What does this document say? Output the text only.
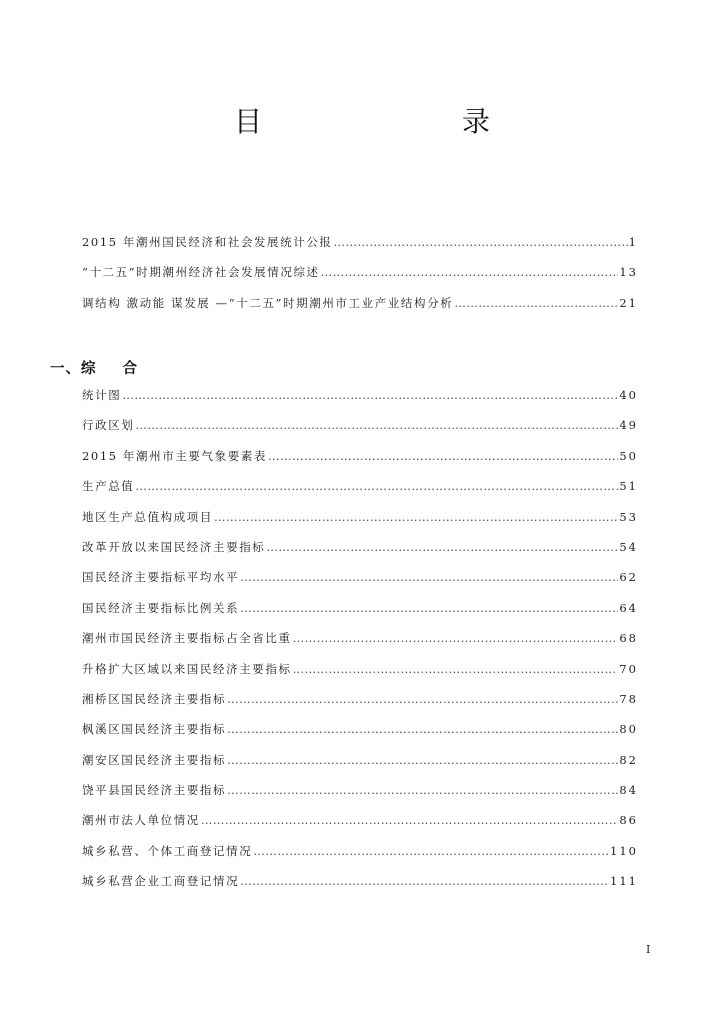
目　　录
2015 年潮州国民经济和社会发展统计公报 …………………………………………………………………………………………………………………………………………………………………………………………………………………………	1
“十二五”时期潮州经济社会发展情况综述 …………………………………………………………………………………………………………………………………………………………………………………………………………………………	13
调结构 激动能 谋发展 —“十二五”时期潮州市工业产业结构分析 …………………………………………………………………………………………………………………………………………………………………………………………………………………………	21
一、综 合
统计图 …………………………………………………………………………………………………………………………………………………………………………………………………………………………	40
行政区划 …………………………………………………………………………………………………………………………………………………………………………………………………………………………	49
2015 年潮州市主要气象要素表 …………………………………………………………………………………………………………………………………………………………………………………………………………………………	50
生产总值 …………………………………………………………………………………………………………………………………………………………………………………………………………………………	51
地区生产总值构成项目 …………………………………………………………………………………………………………………………………………………………………………………………………………………………	53
改革开放以来国民经济主要指标 …………………………………………………………………………………………………………………………………………………………………………………………………………………………	54
国民经济主要指标平均水平 …………………………………………………………………………………………………………………………………………………………………………………………………………………………	62
国民经济主要指标比例关系 …………………………………………………………………………………………………………………………………………………………………………………………………………………………	64
潮州市国民经济主要指标占全省比重 …………………………………………………………………………………………………………………………………………………………………………………………………………………………	68
升格扩大区域以来国民经济主要指标 …………………………………………………………………………………………………………………………………………………………………………………………………………………………	70
湘桥区国民经济主要指标 …………………………………………………………………………………………………………………………………………………………………………………………………………………………	78
枫溪区国民经济主要指标 …………………………………………………………………………………………………………………………………………………………………………………………………………………………	80
潮安区国民经济主要指标 …………………………………………………………………………………………………………………………………………………………………………………………………………………………	82
饶平县国民经济主要指标 …………………………………………………………………………………………………………………………………………………………………………………………………………………………	84
潮州市法人单位情况 …………………………………………………………………………………………………………………………………………………………………………………………………………………………	86
城乡私营、个体工商登记情况 …………………………………………………………………………………………………………………………………………………………………………………………………………………………	110
城乡私营企业工商登记情况 …………………………………………………………………………………………………………………………………………………………………………………………………………………………	111
I
